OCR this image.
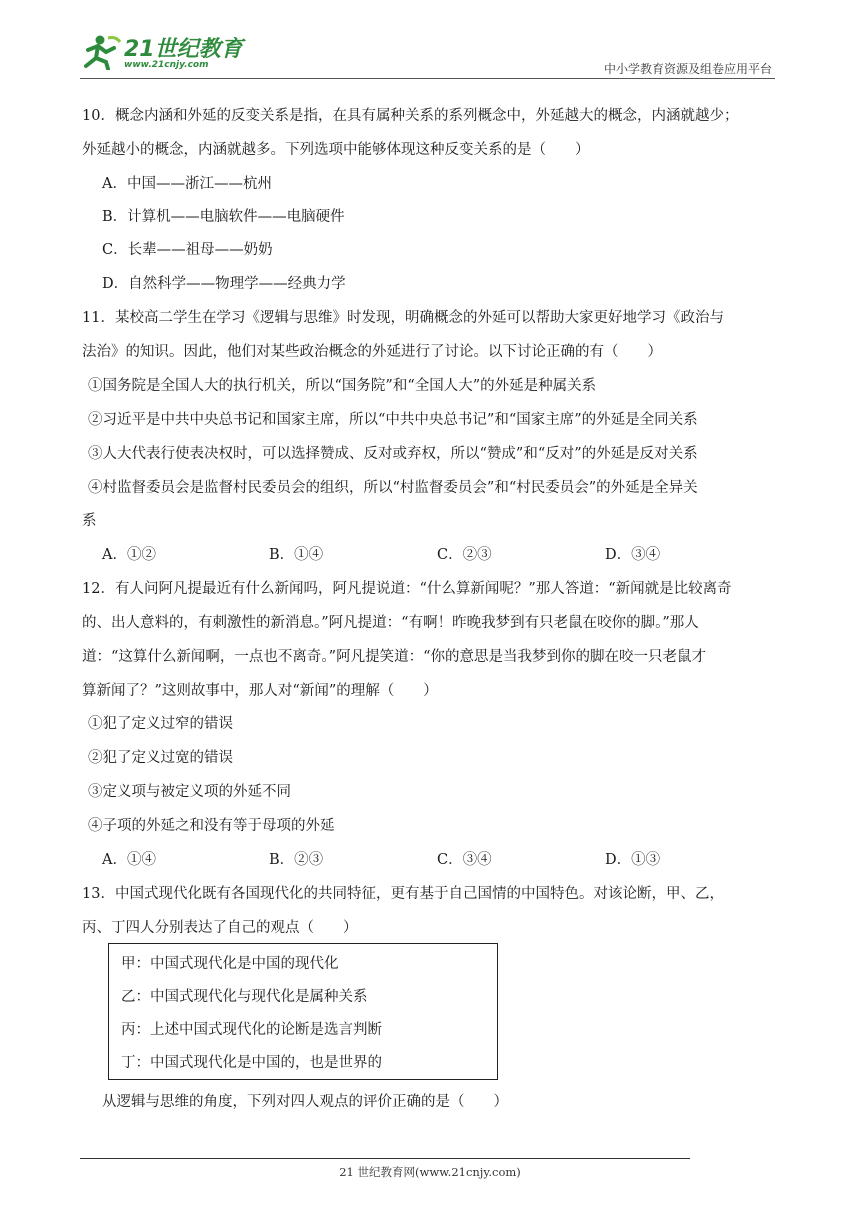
21世纪教育
www.21cnjy.com	中小学教育资源及组卷应用平台
10．概念内涵和外延的反变关系是指，在具有属种关系的系列概念中，外延越大的概念，内涵就越少；
外延越小的概念，内涵就越多。下列选项中能够体现这种反变关系的是（　　）
A．中国——浙江——杭州
B．计算机——电脑软件——电脑硬件
C．长辈——祖母——奶奶
D．自然科学——物理学——经典力学
11．某校高二学生在学习《逻辑与思维》时发现，明确概念的外延可以帮助大家更好地学习《政治与
法治》的知识。因此，他们对某些政治概念的外延进行了讨论。以下讨论正确的有（　　）
①国务院是全国人大的执行机关，所以“国务院”和“全国人大”的外延是种属关系
②习近平是中共中央总书记和国家主席，所以“中共中央总书记”和“国家主席”的外延是全同关系
③人大代表行使表决权时，可以选择赞成、反对或弃权，所以“赞成”和“反对”的外延是反对关系
④村监督委员会是监督村民委员会的组织，所以“村监督委员会”和“村民委员会”的外延是全异关
系
A．①②	B．①④	C．②③	D．③④
12．有人问阿凡提最近有什么新闻吗，阿凡提说道：“什么算新闻呢？”那人答道：“新闻就是比较离奇
的、出人意料的，有刺激性的新消息。”阿凡提道：“有啊！昨晚我梦到有只老鼠在咬你的脚。”那人
道：“这算什么新闻啊，一点也不离奇。”阿凡提笑道：“你的意思是当我梦到你的脚在咬一只老鼠才
算新闻了？”这则故事中，那人对“新闻”的理解（　　）
①犯了定义过窄的错误
②犯了定义过宽的错误
③定义项与被定义项的外延不同
④子项的外延之和没有等于母项的外延
A．①④	B．②③	C．③④	D．①③
13．中国式现代化既有各国现代化的共同特征，更有基于自己国情的中国特色。对该论断，甲、乙，
丙、丁四人分别表达了自己的观点（　　）
从逻辑与思维的角度，下列对四人观点的评价正确的是（　　）
甲：中国式现代化是中国的现代化
乙：中国式现代化与现代化是属种关系
丙：上述中国式现代化的论断是选言判断
丁：中国式现代化是中国的，也是世界的
21 世纪教育网(www.21cnjy.com)
